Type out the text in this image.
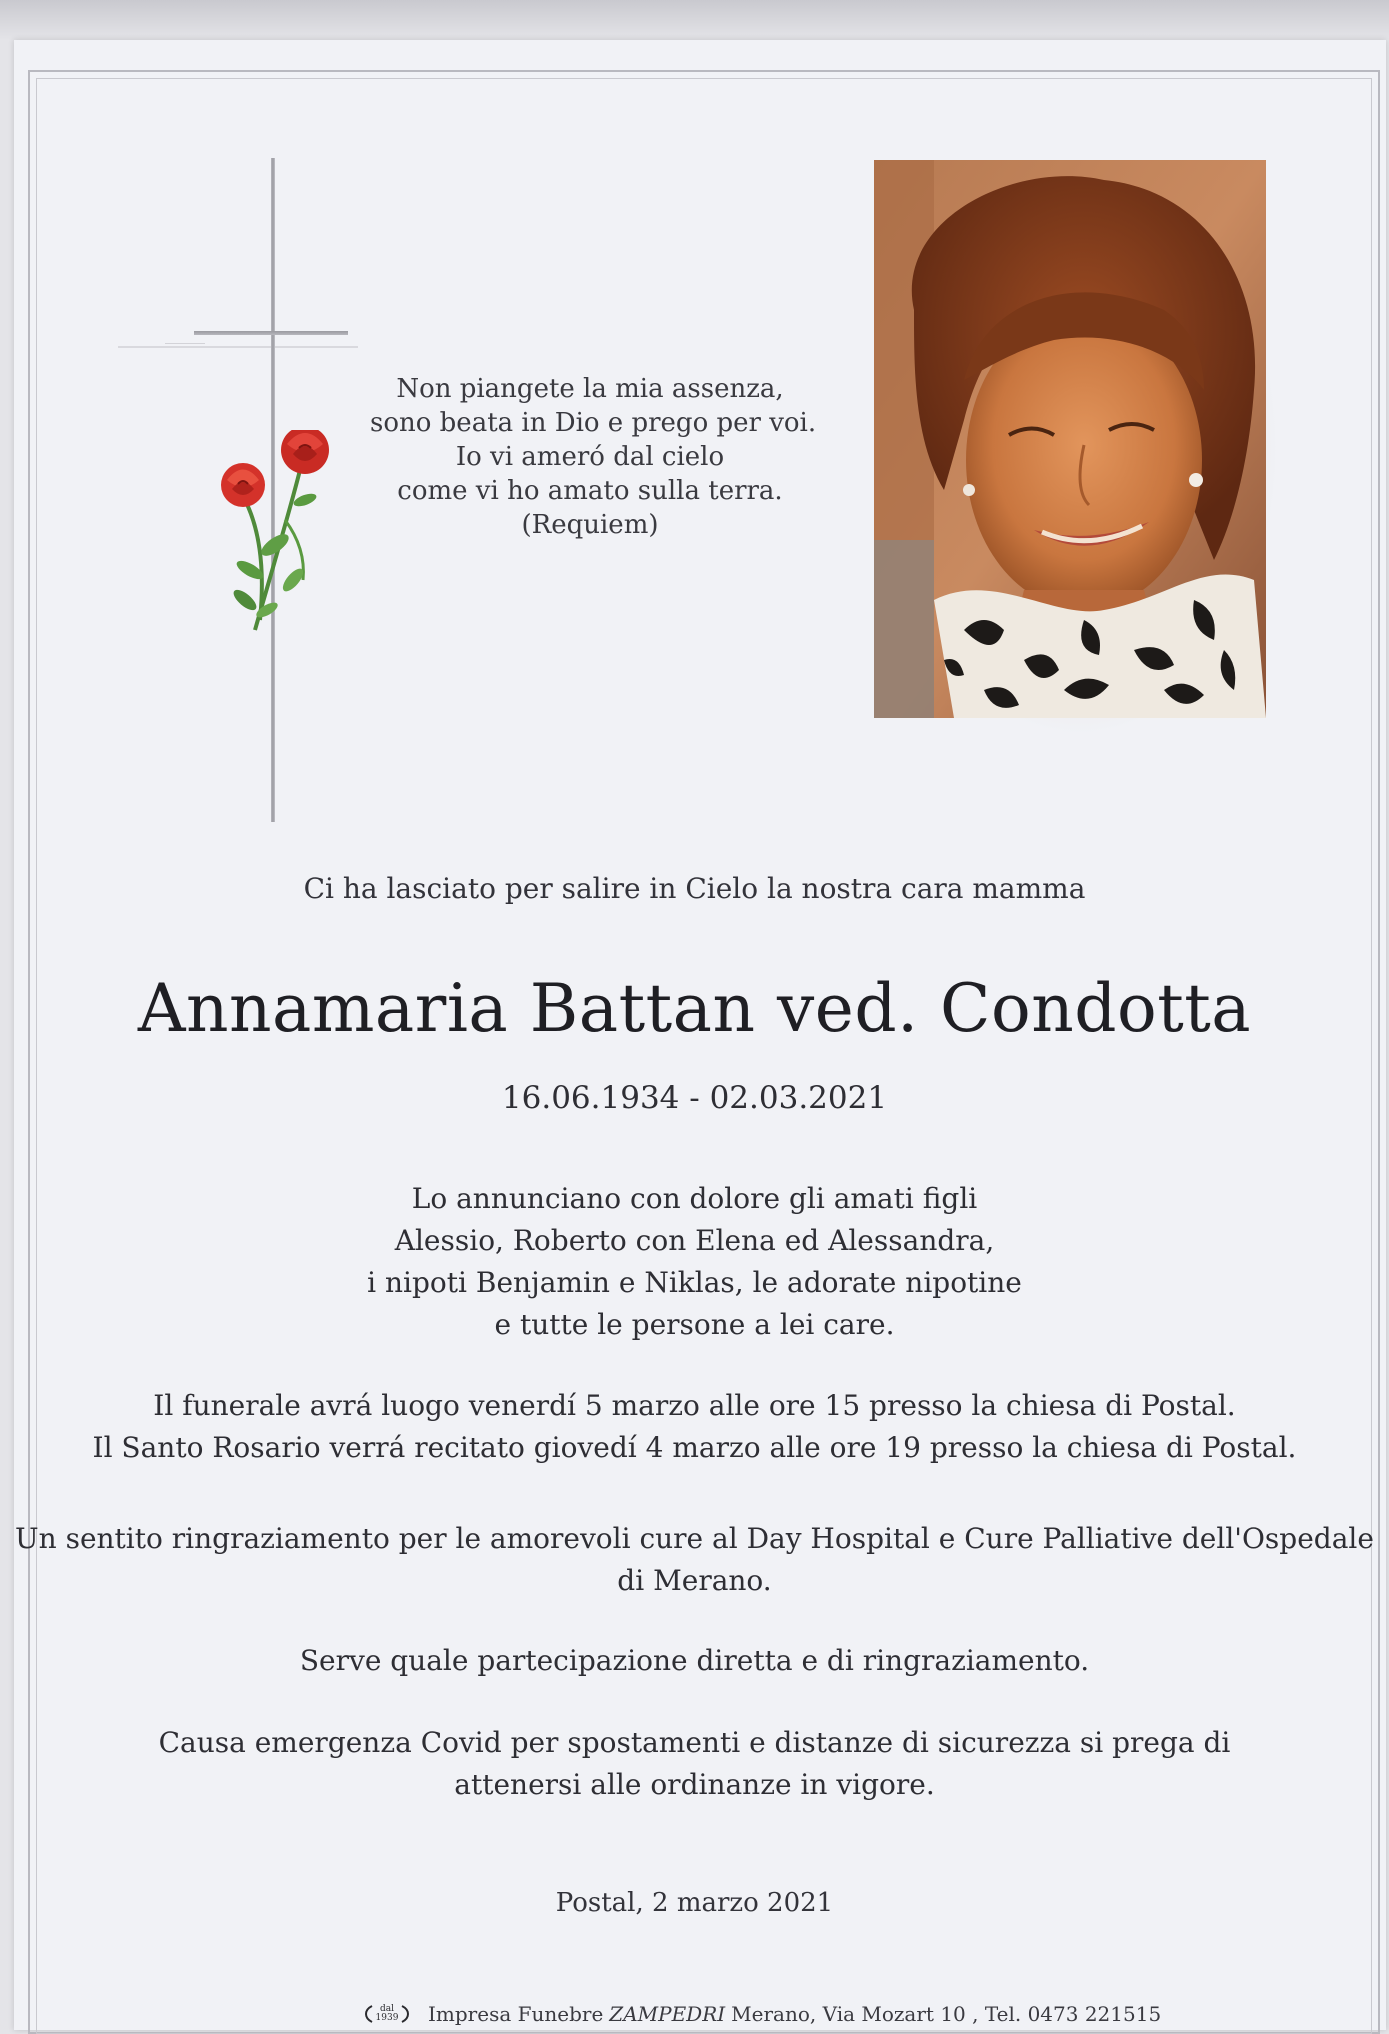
Non piangete la mia assenza,
sono beata in Dio e prego per voi.
Io vi ameró dal cielo
come vi ho amato sulla terra.
(Requiem)
Ci ha lasciato per salire in Cielo la nostra cara mamma
Annamaria Battan ved. Condotta
16.06.1934 - 02.03.2021
Lo annunciano con dolore gli amati figli
Alessio, Roberto con Elena ed Alessandra,
i nipoti Benjamin e Niklas, le adorate nipotine
e tutte le persone a lei care.
Il funerale avrá luogo venerdí 5 marzo alle ore 15 presso la chiesa di Postal.
Il Santo Rosario verrá recitato giovedí 4 marzo alle ore 19 presso la chiesa di Postal.
Un sentito ringraziamento per le amorevoli cure al Day Hospital e Cure Palliative dell'Ospedale
di Merano.
Serve quale partecipazione diretta e di ringraziamento.
Causa emergenza Covid per spostamenti e distanze di sicurezza si prega di
attenersi alle ordinanze in vigore.
Postal, 2 marzo 2021
dal
1939 Impresa Funebre ZAMPEDRI Merano, Via Mozart 10 , Tel. 0473 221515
